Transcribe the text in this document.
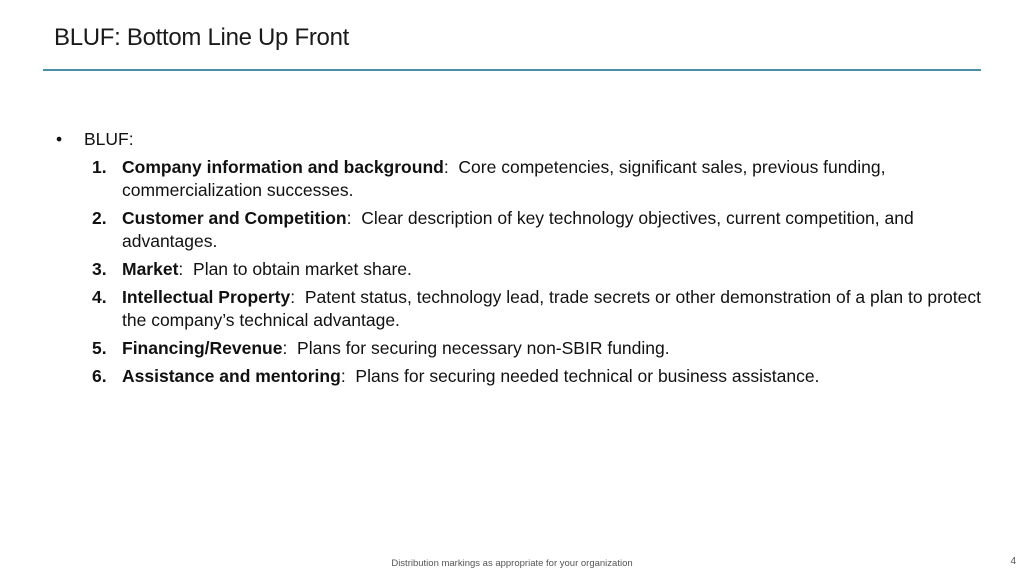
BLUF: Bottom Line Up Front
•	BLUF:
1. Company information and background:  Core competencies, significant sales, previous funding, commercialization successes.
2. Customer and Competition:  Clear description of key technology objectives, current competition, and advantages.
3. Market:  Plan to obtain market share.
4. Intellectual Property:  Patent status, technology lead, trade secrets or other demonstration of a plan to protect the company’s technical advantage.
5. Financing/Revenue:  Plans for securing necessary non-SBIR funding.
6. Assistance and mentoring:  Plans for securing needed technical or business assistance.
Distribution markings as appropriate for your organization	4
